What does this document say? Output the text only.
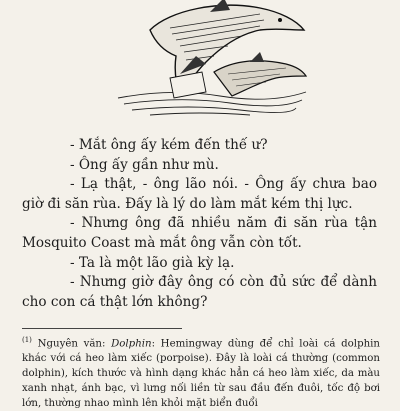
- Mắt ông ấy kém đến thế ư?

- Ông ấy gần như mù.

- Lạ thật, - ông lão nói. - Ông ấy chưa bao giờ đi săn rùa. Đấy là lý do làm mắt kém thị lực.

- Nhưng ông đã nhiều năm đi săn rùa tận Mosquito Coast mà mắt ông vẫn còn tốt.

- Ta là một lão già kỳ lạ.

- Nhưng giờ đây ông có còn đủ sức để dành cho con cá thật lớn không?

$^{(1)}$ Nguyên văn: Dolphin: Hemingway dùng để chỉ loài cá dolphin khác với cá heo làm xiếc (porpoise). Đây là loài cá thường (common dolphin), kích thước và hình dạng khác hẳn cá heo làm xiếc, da màu xanh nhạt, ánh bạc, vì lưng nối liền từ sau đầu đến đuôi, tốc độ bơi lớn, thường nhao mình lên khỏi mặt biển đuổi
